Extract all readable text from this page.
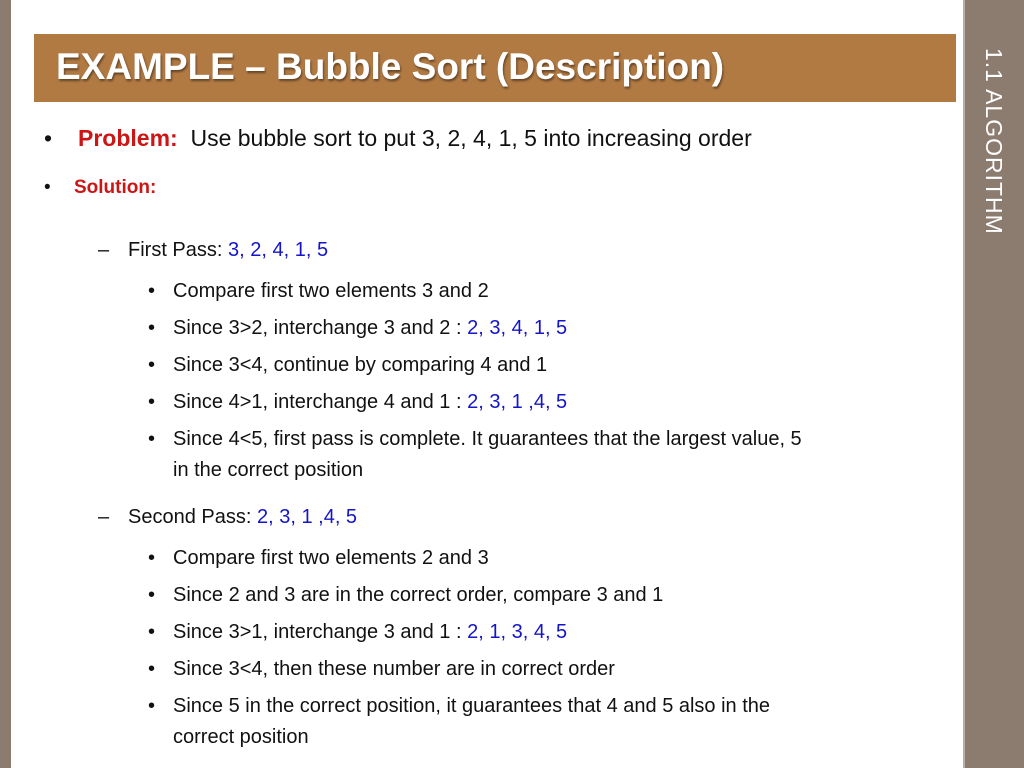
1.1 ALGORITHM
EXAMPLE – Bubble Sort (Description)
• Problem: Use bubble sort to put 3, 2, 4, 1, 5 into increasing order
• Solution:
– First Pass: 3, 2, 4, 1, 5
• Compare first two elements 3 and 2
• Since 3>2, interchange 3 and 2 : 2, 3, 4, 1, 5
• Since 3<4, continue by comparing 4 and 1
• Since 4>1, interchange 4 and 1 : 2, 3, 1 ,4, 5
• Since 4<5, first pass is complete. It guarantees that the largest value, 5 in the correct position
– Second Pass: 2, 3, 1 ,4, 5
• Compare first two elements 2 and 3
• Since 2 and 3 are in the correct order, compare 3 and 1
• Since 3>1, interchange 3 and 1 : 2, 1, 3, 4, 5
• Since 3<4, then these number are in correct order
• Since 5 in the correct position, it guarantees that 4 and 5 also in the correct position
